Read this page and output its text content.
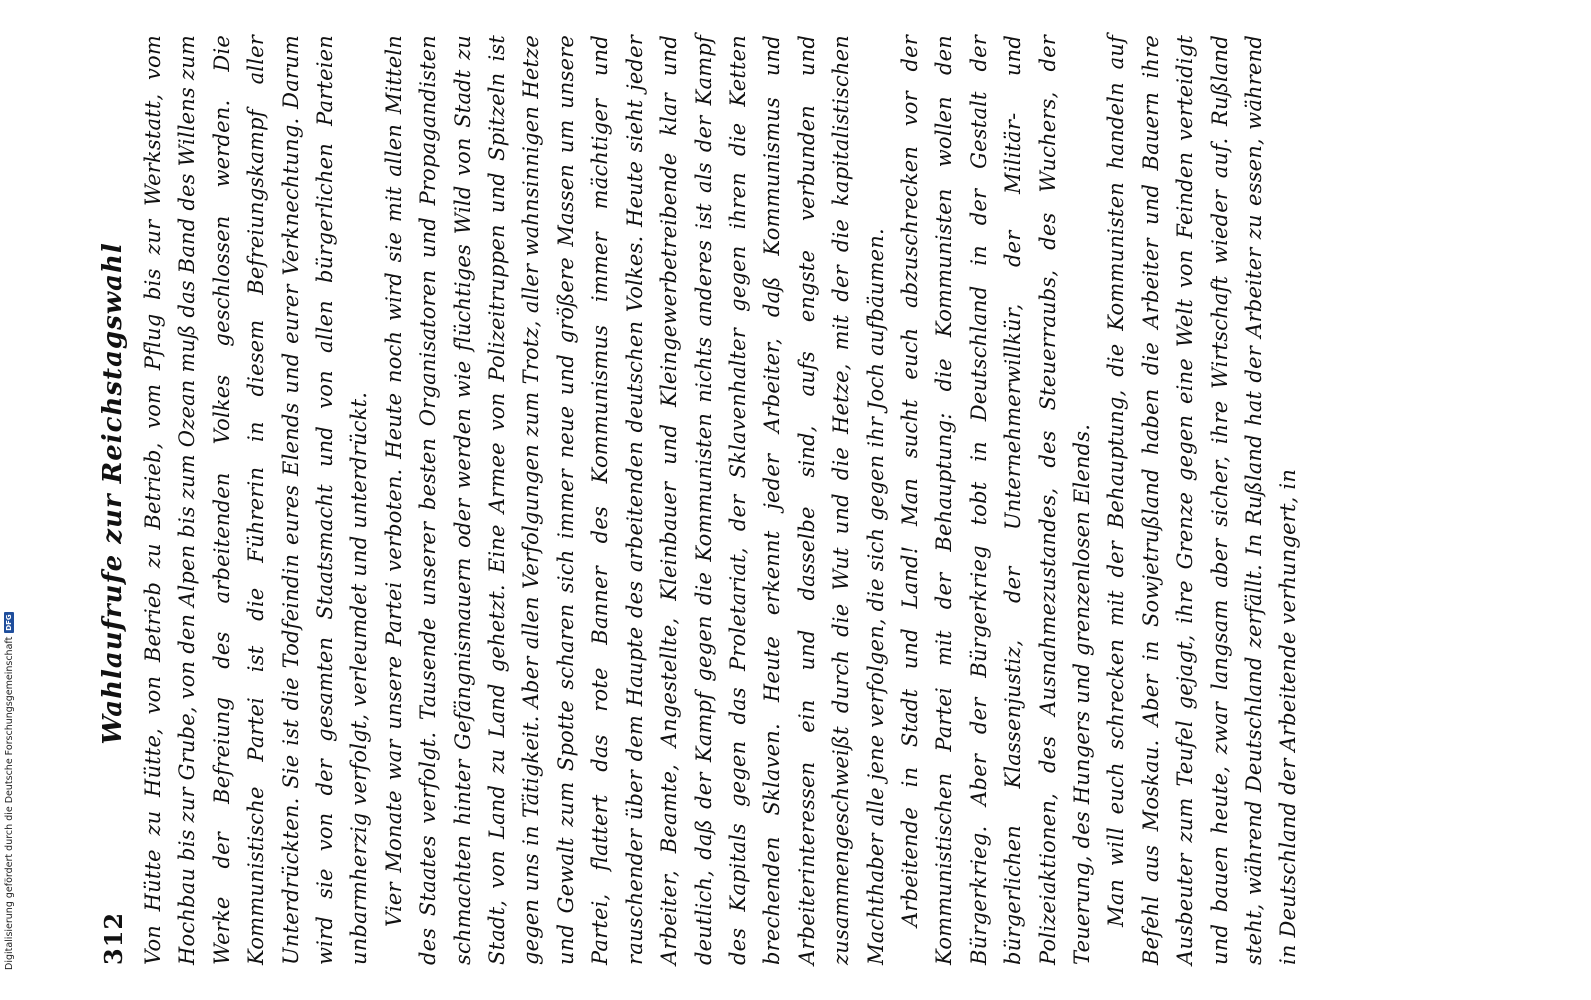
312
Wahlaufrufe zur Reichstagswahl Von Hütte zu Hütte, von Betrieb zu Betrieb, vom Pflug bis zur Werkstatt, vom Hochbau bis zur Grube, von den Alpen bis zum Ozean muß das Band des Willens zum Werke der Befreiung des arbeitenden Volkes geschlossen werden. Die Kommunistische Partei ist die Führerin in diesem Befreiungskampf aller Unterdrückten. Sie ist die Todfeindin eures Elends und eurer Verknechtung. Darum wird sie von der gesamten Staatsmacht und von allen bürgerlichen Parteien unbarmherzig verfolgt, verleumdet und unterdrückt. Vier Monate war unsere Partei verboten. Heute noch wird sie mit allen Mitteln des Staates verfolgt. Tausende unserer besten Organisatoren und Propagandisten schmachten hinter Gefängnismauern oder werden wie flüchtiges Wild von Stadt zu Stadt, von Land zu Land gehetzt. Eine Armee von Polizeitruppen und Spitzeln ist gegen uns in Tätigkeit. Aber allen Verfolgungen zum Trotz, aller wahnsinnigen Hetze und Gewalt zum Spotte scharen sich immer neue und größere Massen um unsere Partei, flattert das rote Banner des Kommunismus immer mächtiger und rauschender über dem Haupte des arbeitenden deutschen Volkes. Heute sieht jeder Arbeiter, Beamte, Angestellte, Kleinbauer und Kleingewerbetreibende klar und deutlich, daß der Kampf gegen die Kommunisten nichts anderes ist als der Kampf des Kapitals gegen das Proletariat, der Sklavenhalter gegen ihren die Ketten brechenden Sklaven. Heute erkennt jeder Arbeiter, daß Kommunismus und Arbeiterinteressen ein und dasselbe sind, aufs engste verbunden und zusammengeschweißt durch die Wut und die Hetze, mit der die kapitalistischen Machthaber alle jene verfolgen, die sich gegen ihr Joch aufbäumen. Arbeitende in Stadt und Land! Man sucht euch abzuschrecken vor der Kommunistischen Partei mit der Behauptung: die Kommunisten wollen den Bürgerkrieg. Aber der Bürgerkrieg tobt in Deutschland in der Gestalt der bürgerlichen Klassenjustiz, der Unternehmerwillkür, der Militär- und Polizeiaktionen, des Ausnahmezustandes, des Steuerraubs, des Wuchers, der Teuerung, des Hungers und grenzenlosen Elends. Man will euch schrecken mit der Behauptung, die Kommunisten handeln auf Befehl aus Moskau. Aber in Sowjetrußland haben die Arbeiter und Bauern ihre Ausbeuter zum Teufel gejagt, ihre Grenze gegen eine Welt von Feinden verteidigt und bauen heute, zwar langsam aber sicher, ihre Wirtschaft wieder auf. Rußland steht, während Deutschland zerfällt. In Rußland hat der Arbeiter zu essen, während in Deutschland der Arbeitende verhungert, in

Digitalisierung gefördert durch die Deutsche Forschungsgemeinschaft
DFG
